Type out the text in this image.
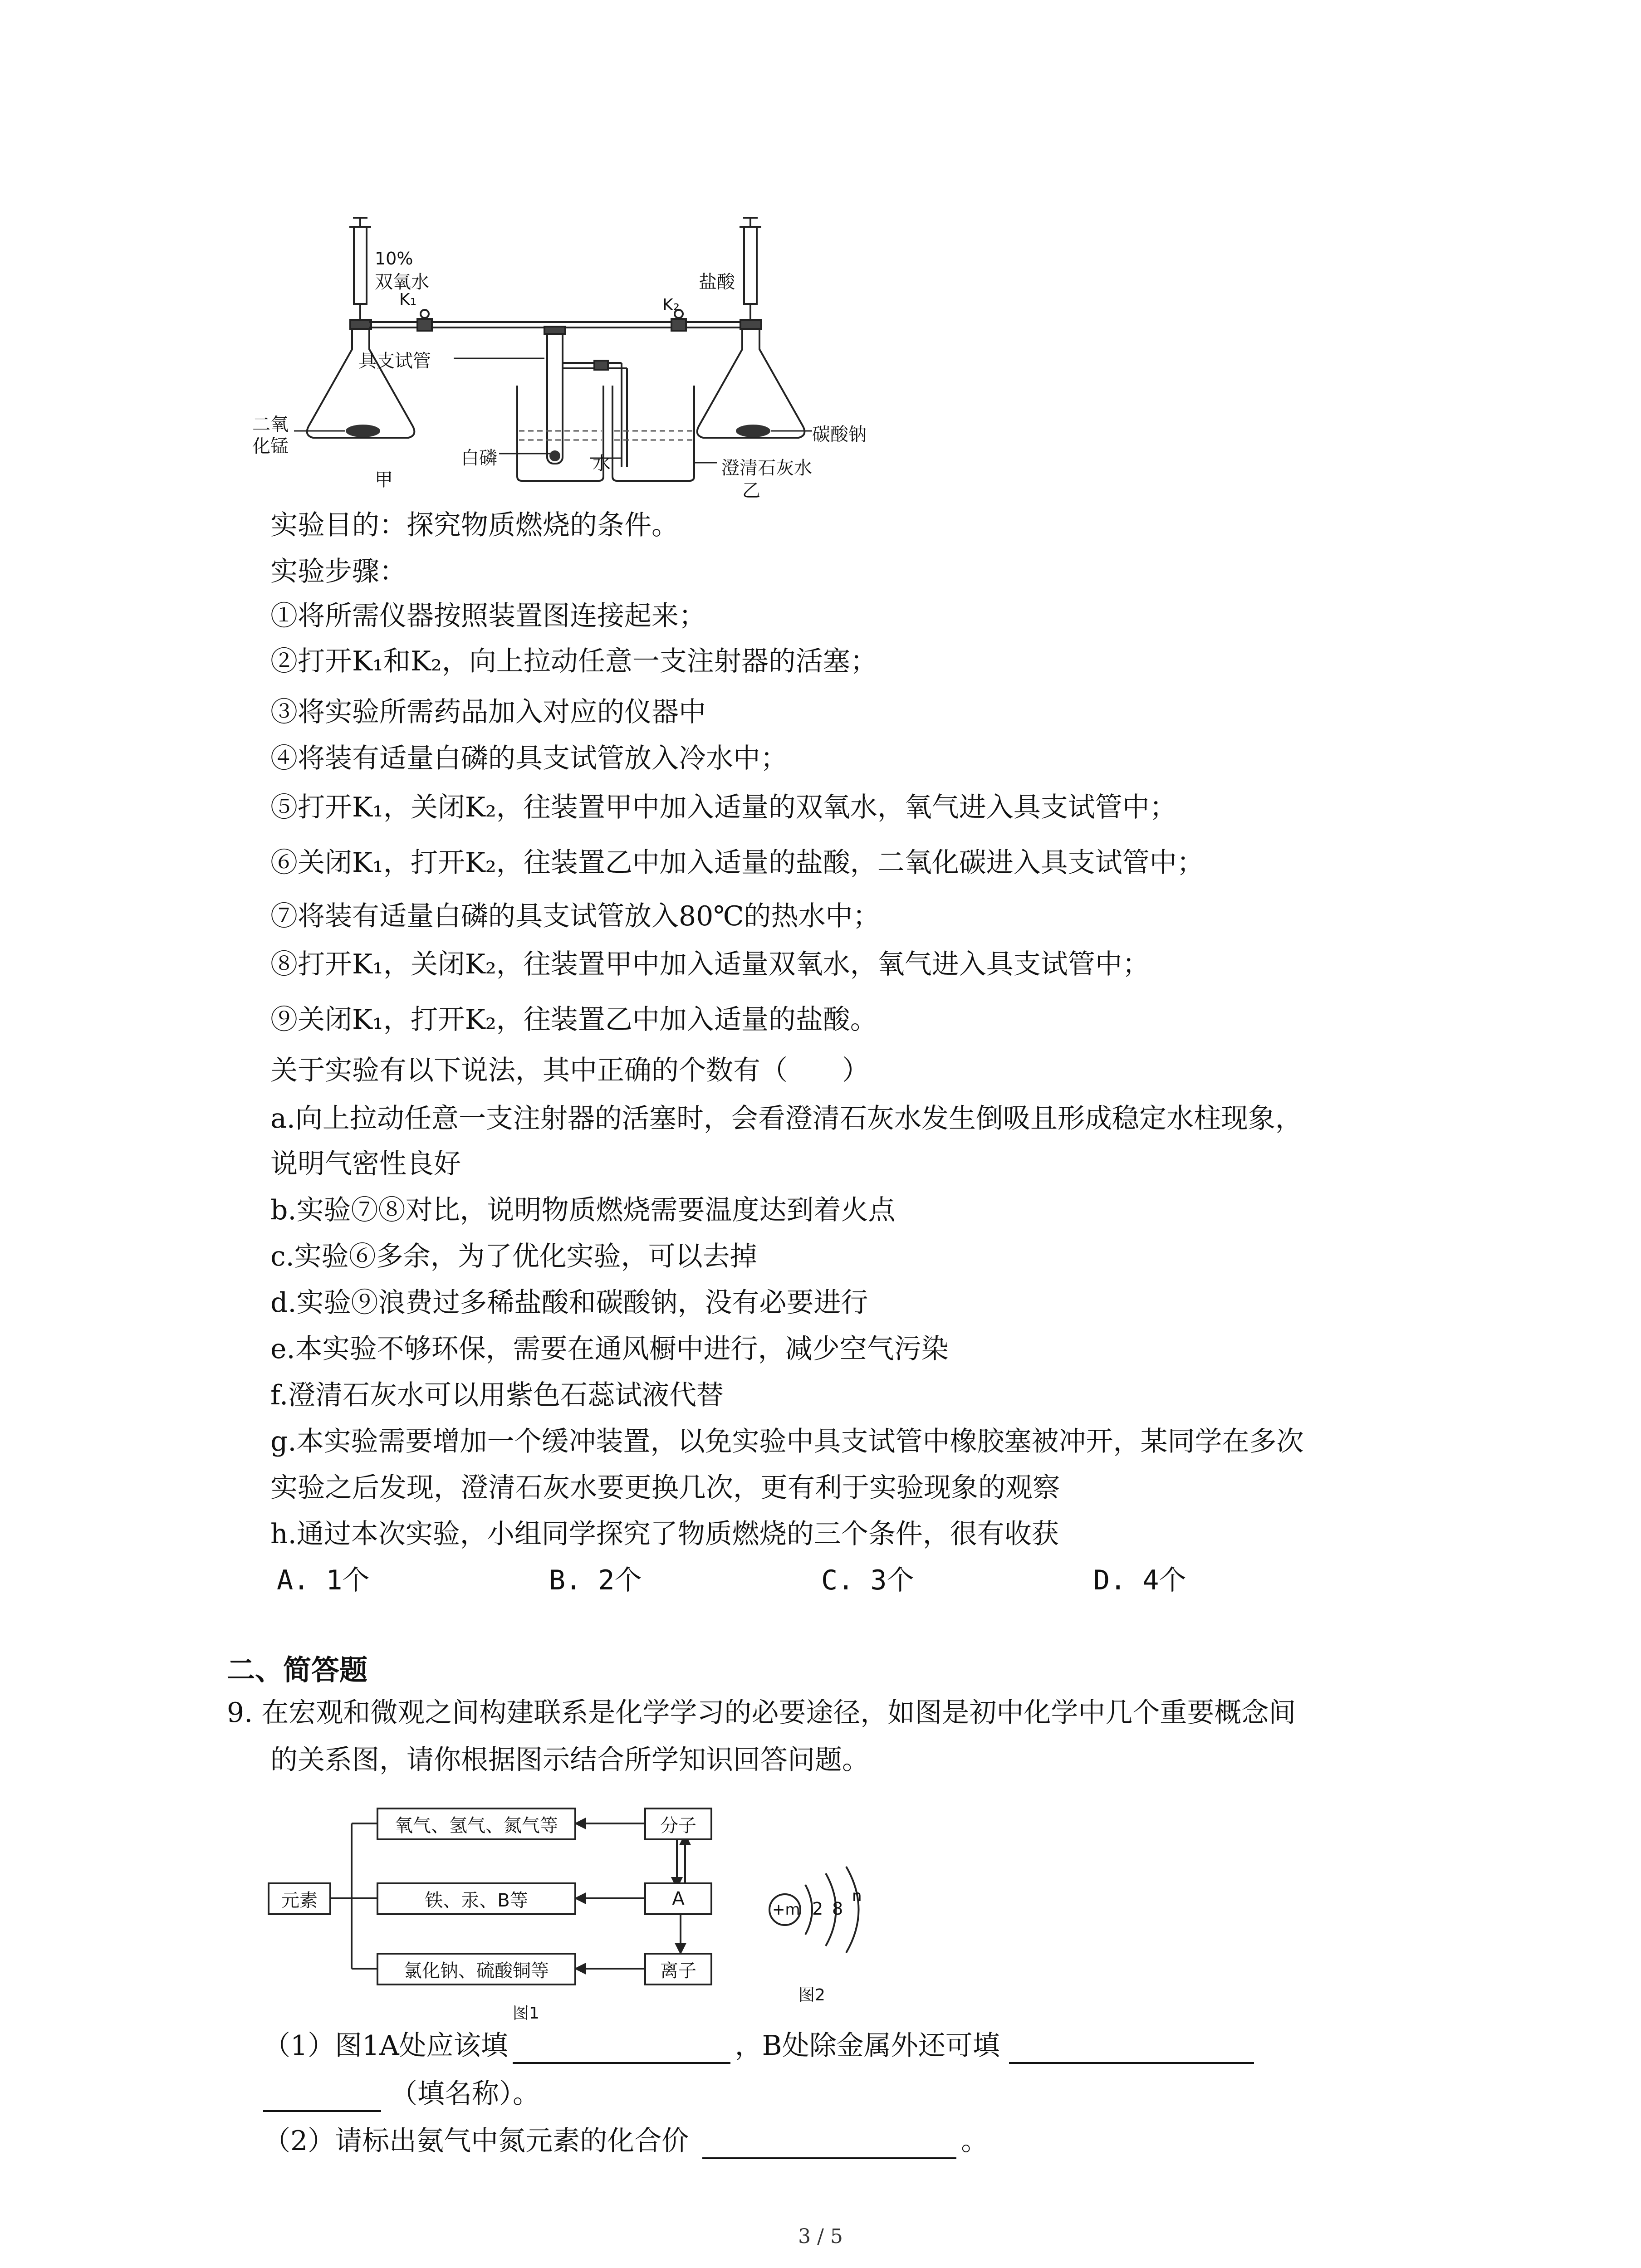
10%
双氧水
K₁
盐酸
K₂
具支试管
二氧
化锰
碳酸钠
白磷	水	澄清石灰水
甲
乙
实验目的：探究物质燃烧的条件。
实验步骤：
①将所需仪器按照装置图连接起来；
②打开K₁和K₂，向上拉动任意一支注射器的活塞；
③将实验所需药品加入对应的仪器中
④将装有适量白磷的具支试管放入冷水中；
⑤打开K₁，关闭K₂，往装置甲中加入适量的双氧水，氧气进入具支试管中；
⑥关闭K₁，打开K₂，往装置乙中加入适量的盐酸，二氧化碳进入具支试管中；
⑦将装有适量白磷的具支试管放入80℃的热水中；
⑧打开K₁，关闭K₂，往装置甲中加入适量双氧水，氧气进入具支试管中；
⑨关闭K₁，打开K₂，往装置乙中加入适量的盐酸。
关于实验有以下说法，其中正确的个数有（　　）
a.向上拉动任意一支注射器的活塞时，会看澄清石灰水发生倒吸且形成稳定水柱现象，
说明气密性良好
b.实验⑦⑧对比，说明物质燃烧需要温度达到着火点
c.实验⑥多余，为了优化实验，可以去掉
d.实验⑨浪费过多稀盐酸和碳酸钠，没有必要进行
e.本实验不够环保，需要在通风橱中进行，减少空气污染
f.澄清石灰水可以用紫色石蕊试液代替
g.本实验需要增加一个缓冲装置，以免实验中具支试管中橡胶塞被冲开，某同学在多次
实验之后发现，澄清石灰水要更换几次，更有利于实验现象的观察
h.通过本次实验，小组同学探究了物质燃烧的三个条件，很有收获
A. 1个	B. 2个	C. 3个	D. 4个
二、简答题
9. 在宏观和微观之间构建联系是化学学习的必要途径，如图是初中化学中几个重要概念间
的关系图，请你根据图示结合所学知识回答问题。
元素
氧气、氢气、氮气等
铁、汞、B等
氯化钠、硫酸铜等
分子
A
离子
图1
+m 2 8
n
图2
（1）图1A处应该填	，B处除金属外还可填
（填名称）。
（2）请标出氨气中氮元素的化合价	。
3 / 5
